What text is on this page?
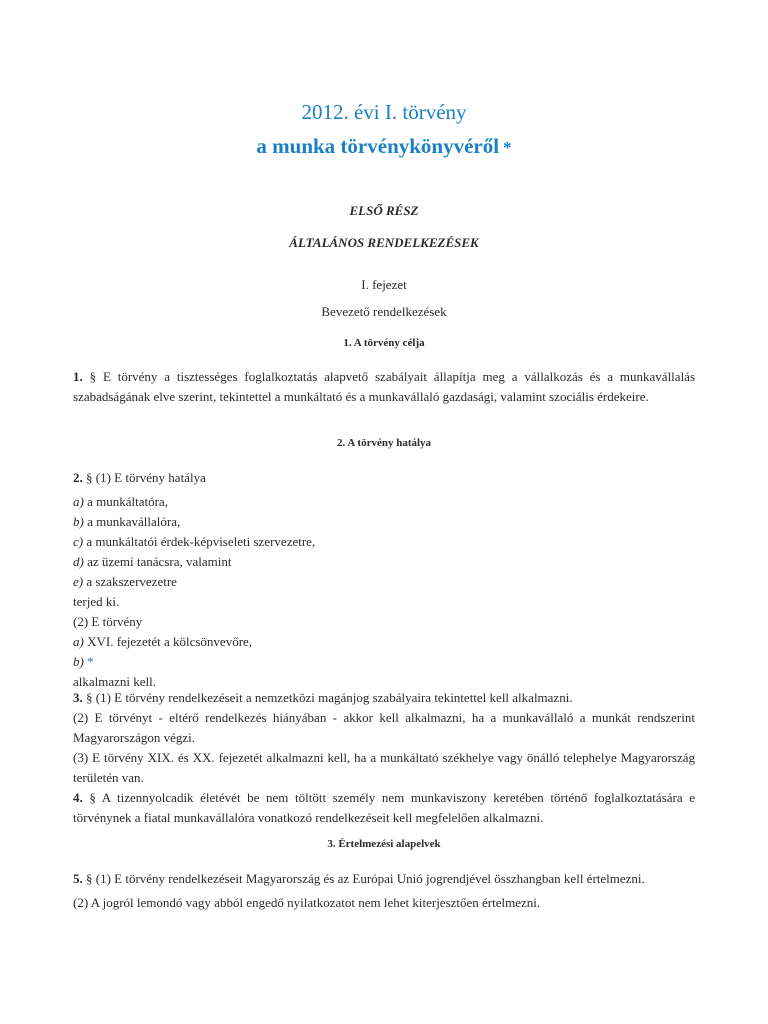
2012. évi I. törvény
a munka törvénykönyvéről *
ELSŐ RÉSZ
ÁLTALÁNOS RENDELKEZÉSEK
I. fejezet
Bevezető rendelkezések
1. A törvény célja

1. § E törvény a tisztességes foglalkoztatás alapvető szabályait állapítja meg a vállalkozás és a munkavállalás szabadságának elve szerint, tekintettel a munkáltató és a munkavállaló gazdasági, valamint szociális érdekeire.

2. A törvény hatálya

2. § (1) E törvény hatálya

a) a munkáltatóra,

b) a munkavállalóra,

c) a munkáltatói érdek-képviseleti szervezetre,

d) az üzemi tanácsra, valamint

e) a szakszervezetre

terjed ki.

(2) E törvény

a) XVI. fejezetét a kölcsönvevőre,

b) *

alkalmazni kell.

3. § (1) E törvény rendelkezéseit a nemzetközi magánjog szabályaira tekintettel kell alkalmazni.

(2) E törvényt - eltérő rendelkezés hiányában - akkor kell alkalmazni, ha a munkavállaló a munkát rendszerint Magyarországon végzi.

(3) E törvény XIX. és XX. fejezetét alkalmazni kell, ha a munkáltató székhelye vagy önálló telephelye Magyarország területén van.

4. § A tizennyolcadik életévét be nem töltött személy nem munkaviszony keretében történő foglalkoztatására e törvénynek a fiatal munkavállalóra vonatkozó rendelkezéseit kell megfelelően alkalmazni.

3. Értelmezési alapelvek

5. § (1) E törvény rendelkezéseit Magyarország és az Európai Unió jogrendjével összhangban kell értelmezni.

(2) A jogról lemondó vagy abból engedő nyilatkozatot nem lehet kiterjesztően értelmezni.
